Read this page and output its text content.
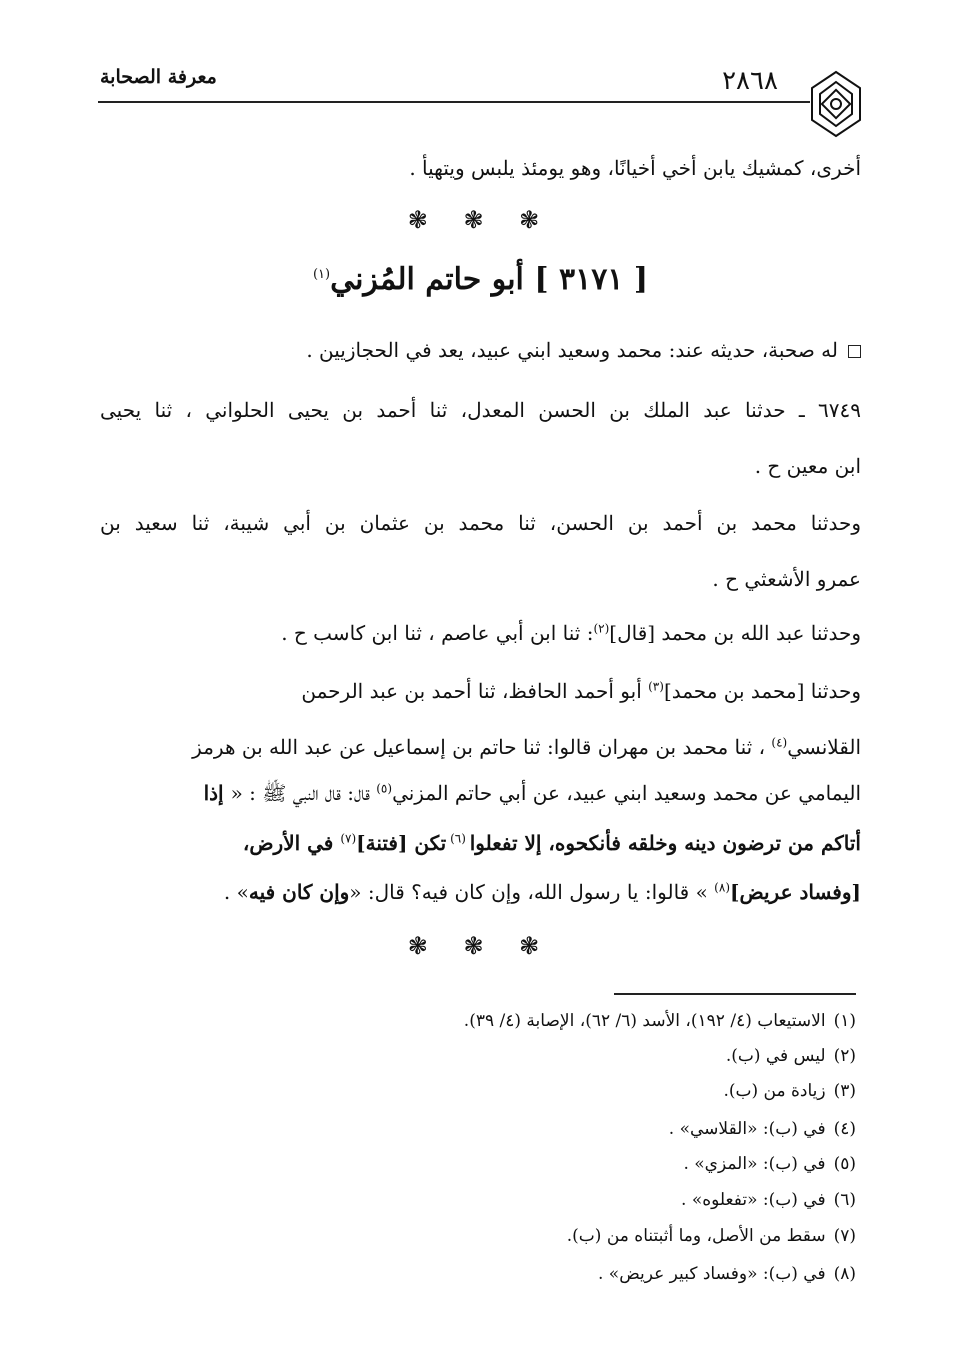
٢٨٦٨
معرفة الصحابة
أخرى، كمشيك يابن أخي أخيانًا، وهو يومئذ يلبس ويتهيأ .
❃ ❃ ❃
[ ٣١٧١ ] أبو حاتم المُزني$^{(١)}$
له صحبة، حديثه عند: محمد وسعيد ابني عبيد، يعد في الحجازيين .
٦٧٤٩ ـ حدثنا عبد الملك بن الحسن المعدل، ثنا أحمد بن يحيى الحلواني ، ثنا يحيى
ابن معين ح .
وحدثنا محمد بن أحمد بن الحسن، ثنا محمد بن عثمان بن أبي شيبة، ثنا سعيد بن
عمرو الأشعثي ح .
وحدثنا عبد الله بن محمد [قال]$^{(٢)}$: ثنا ابن أبي عاصم ، ثنا ابن كاسب ح .
وحدثنا [محمد بن محمد]$^{(٣)}$ أبو أحمد الحافظ، ثنا أحمد بن عبد الرحمن
القلانسي$^{(٤)}$ ، ثنا محمد بن مهران قالوا: ثنا حاتم بن إسماعيل عن عبد الله بن هرمز
اليمامي عن محمد وسعيد ابني عبيد، عن أبي حاتم المزني$^{(٥)}$ قال: قال النبي ﷺ : « إذا
أتاكم من ترضون دينه وخلقه فأنكحوه، إلا تفعلوا $^{(٦)}$ تكن [فتنة]$^{(٧)}$ في الأرض،
[وفساد عريض]$^{(٨)}$ » قالوا: يا رسول الله، وإن كان فيه؟ قال: «وإن كان فيه» .
❃ ❃ ❃
(١)الاستيعاب (٤/ ١٩٢)، الأسد (٦/ ٦٢)، الإصابة (٤/ ٣٩).
(٢)ليس في (ب).
(٣)زيادة من (ب).
(٤)في (ب): «القلاسي» .
(٥)في (ب): «المزي» .
(٦)في (ب): «تفعلوه» .
(٧)سقط من الأصل، وما أثبتناه من (ب).
(٨)في (ب): «وفساد كبير عريض» .
